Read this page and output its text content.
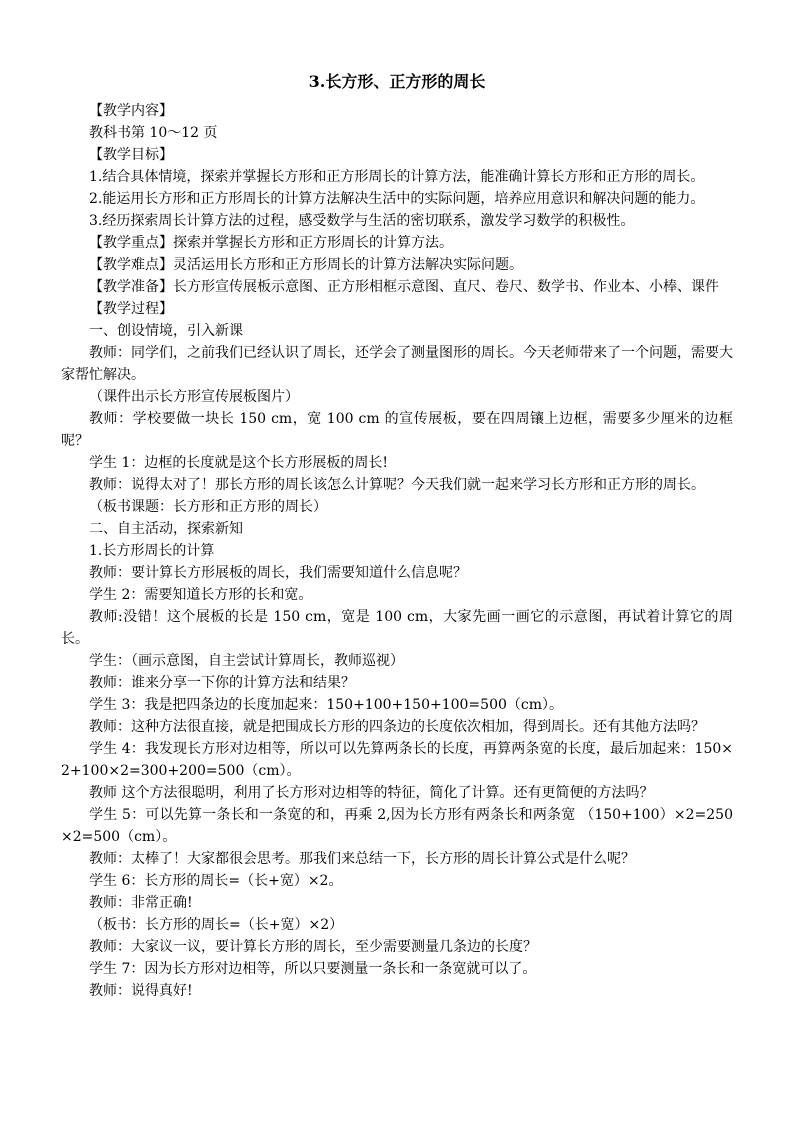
3.长方形、正方形的周长

【教学内容】

教科书第 10～12 页

【教学目标】

1.结合具体情境，探索并掌握长方形和正方形周长的计算方法，能准确计算长方形和正方形的周长。

2.能运用长方形和正方形周长的计算方法解决生活中的实际问题，培养应用意识和解决问题的能力。

3.经历探索周长计算方法的过程，感受数学与生活的密切联系，激发学习数学的积极性。

【教学重点】探索并掌握长方形和正方形周长的计算方法。

【教学难点】灵活运用长方形和正方形周长的计算方法解决实际问题。

【教学准备】长方形宣传展板示意图、正方形相框示意图、直尺、卷尺、数学书、作业本、小棒、课件

【教学过程】

一、创设情境，引入新课

教师：同学们，之前我们已经认识了周长，还学会了测量图形的周长。今天老师带来了一个问题，需要大家帮忙解决。

（课件出示长方形宣传展板图片）

教师：学校要做一块长 150 cm，宽 100 cm 的宣传展板，要在四周镶上边框，需要多少厘米的边框呢？

学生 1：边框的长度就是这个长方形展板的周长!

教师：说得太对了！那长方形的周长该怎么计算呢？今天我们就一起来学习长方形和正方形的周长。

（板书课题：长方形和正方形的周长）

二、自主活动，探索新知

1.长方形周长的计算

教师：要计算长方形展板的周长，我们需要知道什么信息呢？

学生 2：需要知道长方形的长和宽。

教师:没错！这个展板的长是 150 cm，宽是 100 cm，大家先画一画它的示意图，再试着计算它的周长。

学生：（画示意图，自主尝试计算周长，教师巡视）

教师：谁来分享一下你的计算方法和结果？

学生 3：我是把四条边的长度加起来：150+100+150+100=500（cm）。

教师：这种方法很直接，就是把围成长方形的四条边的长度依次相加，得到周长。还有其他方法吗？

学生 4：我发现长方形对边相等，所以可以先算两条长的长度，再算两条宽的长度，最后加起来：150×2+100×2=300+200=500（cm）。

教师 这个方法很聪明，利用了长方形对边相等的特征，简化了计算。还有更简便的方法吗？

学生 5：可以先算一条长和一条宽的和，再乘 2,因为长方形有两条长和两条宽 （150+100）×2=250×2=500（cm）。

教师：太棒了！大家都很会思考。那我们来总结一下，长方形的周长计算公式是什么呢？

学生 6：长方形的周长=（长+宽）×2。

教师：非常正确!

（板书：长方形的周长=（长+宽）×2）

教师：大家议一议，要计算长方形的周长，至少需要测量几条边的长度？

学生 7：因为长方形对边相等，所以只要测量一条长和一条宽就可以了。

教师：说得真好!
